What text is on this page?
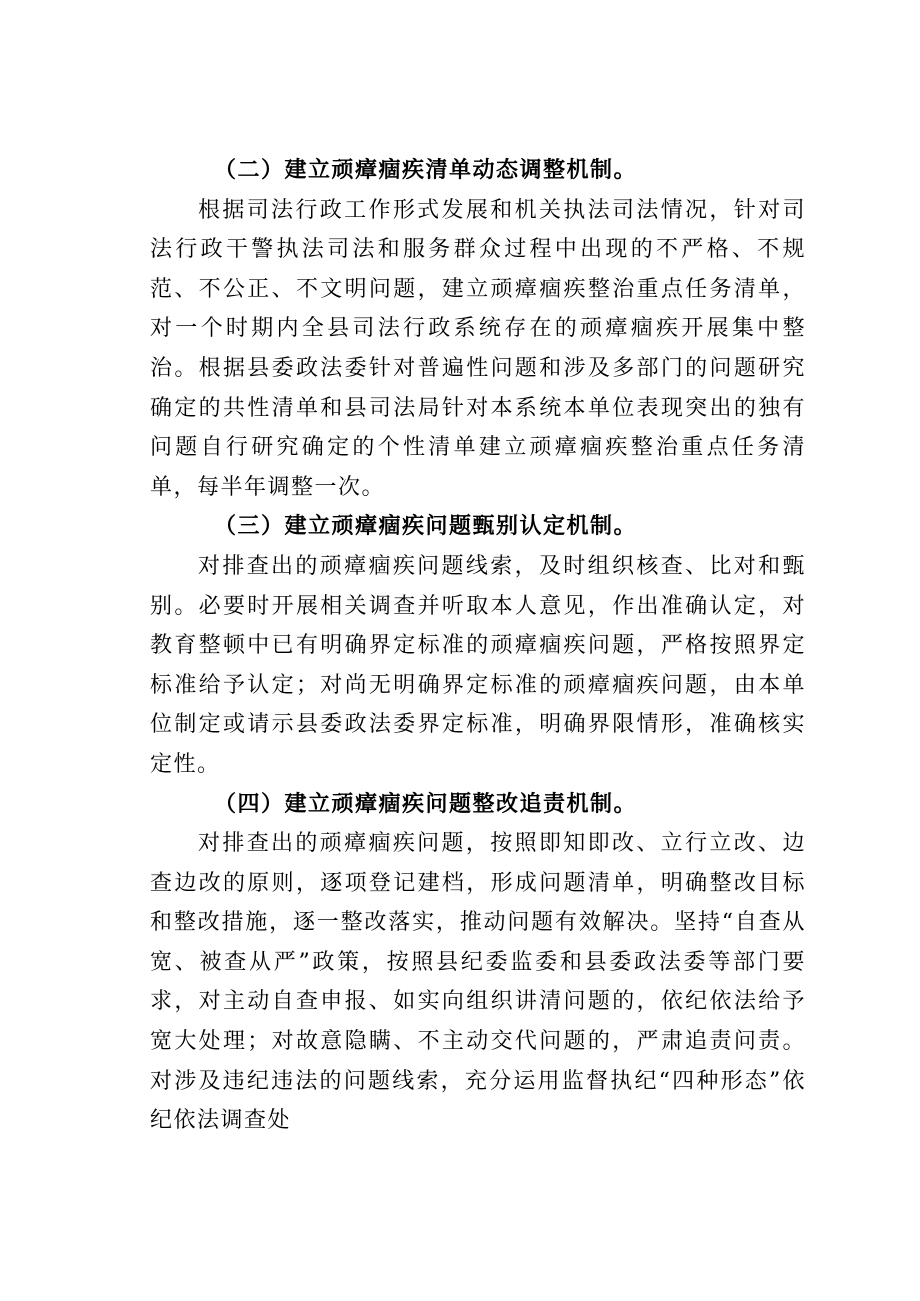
（二）建立顽瘴痼疾清单动态调整机制。

根据司法行政工作形式发展和机关执法司法情况，针对司法行政干警执法司法和服务群众过程中出现的不严格、不规范、不公正、不文明问题，建立顽瘴痼疾整治重点任务清单，对一个时期内全县司法行政系统存在的顽瘴痼疾开展集中整治。根据县委政法委针对普遍性问题和涉及多部门的问题研究确定的共性清单和县司法局针对本系统本单位表现突出的独有问题自行研究确定的个性清单建立顽瘴痼疾整治重点任务清单，每半年调整一次。

（三）建立顽瘴痼疾问题甄别认定机制。

对排查出的顽瘴痼疾问题线索，及时组织核查、比对和甄别。必要时开展相关调查并听取本人意见，作出准确认定，对教育整顿中已有明确界定标准的顽瘴痼疾问题，严格按照界定标准给予认定；对尚无明确界定标准的顽瘴痼疾问题，由本单位制定或请示县委政法委界定标准，明确界限情形，准确核实定性。

（四）建立顽瘴痼疾问题整改追责机制。

对排查出的顽瘴痼疾问题，按照即知即改、立行立改、边查边改的原则，逐项登记建档，形成问题清单，明确整改目标和整改措施，逐一整改落实，推动问题有效解决。坚持“自查从宽、被查从严”政策，按照县纪委监委和县委政法委等部门要求，对主动自查申报、如实向组织讲清问题的，依纪依法给予宽大处理；对故意隐瞒、不主动交代问题的，严肃追责问责。对涉及违纪违法的问题线索，充分运用监督执纪“四种形态”依纪依法调查处
